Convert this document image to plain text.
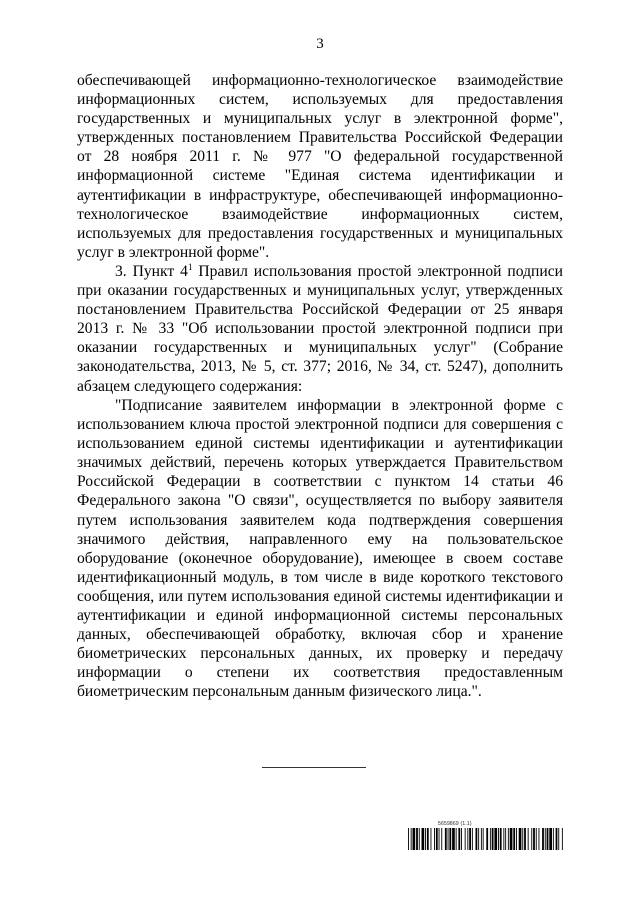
3
обеспечивающей информационно-технологическое взаимодействие информационных систем, используемых для предоставления государственных и муниципальных услуг в электронной форме", утвержденных постановлением Правительства Российской Федерации от 28 ноября 2011 г. № 977 "О федеральной государственной информационной системе "Единая система идентификации и аутентификации в инфраструктуре, обеспечивающей информационно-технологическое взаимодействие информационных систем, используемых для предоставления государственных и муниципальных услуг в электронной форме".
3. Пункт $4^1$ Правил использования простой электронной подписи при оказании государственных и муниципальных услуг, утвержденных постановлением Правительства Российской Федерации от 25 января 2013 г. № 33 "Об использовании простой электронной подписи при оказании государственных и муниципальных услуг" (Собрание законодательства, 2013, № 5, ст. 377; 2016, № 34, ст. 5247), дополнить абзацем следующего содержания:
"Подписание заявителем информации в электронной форме с использованием ключа простой электронной подписи для совершения с использованием единой системы идентификации и аутентификации значимых действий, перечень которых утверждается Правительством Российской Федерации в соответствии с пунктом 14 статьи 46 Федерального закона "О связи", осуществляется по выбору заявителя путем использования заявителем кода подтверждения совершения значимого действия, направленного ему на пользовательское оборудование (оконечное оборудование), имеющее в своем составе идентификационный модуль, в том числе в виде короткого текстового сообщения, или путем использования единой системы идентификации и аутентификации и единой информационной системы персональных данных, обеспечивающей обработку, включая сбор и хранение биометрических персональных данных, их проверку и передачу информации о степени их соответствия предоставленным биометрическим персональным данным физического лица.".
5659869 (1.1)
